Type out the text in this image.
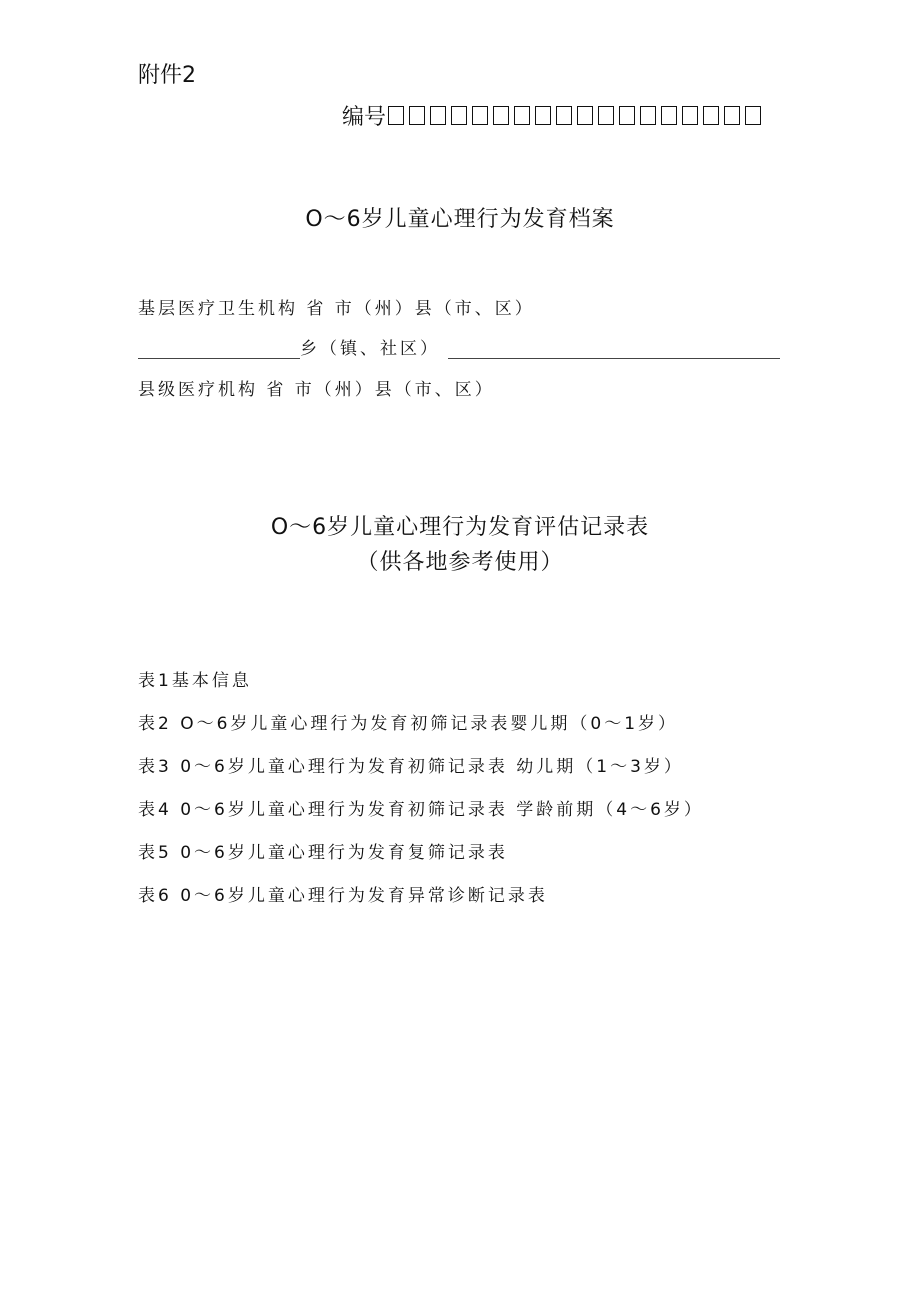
附件2
编号
O～6岁儿童心理行为发育档案
基层医疗卫生机构 省 市（州）县（市、区）
乡（镇、社区）
县级医疗机构 省 市（州）县（市、区）
O～6岁儿童心理行为发育评估记录表
（供各地参考使用）
表1基本信息
表2 O～6岁儿童心理行为发育初筛记录表婴儿期（0～1岁）
表3 0～6岁儿童心理行为发育初筛记录表 幼儿期（1～3岁）
表4 0～6岁儿童心理行为发育初筛记录表 学龄前期（4～6岁）
表5 0～6岁儿童心理行为发育复筛记录表
表6 0～6岁儿童心理行为发育异常诊断记录表
